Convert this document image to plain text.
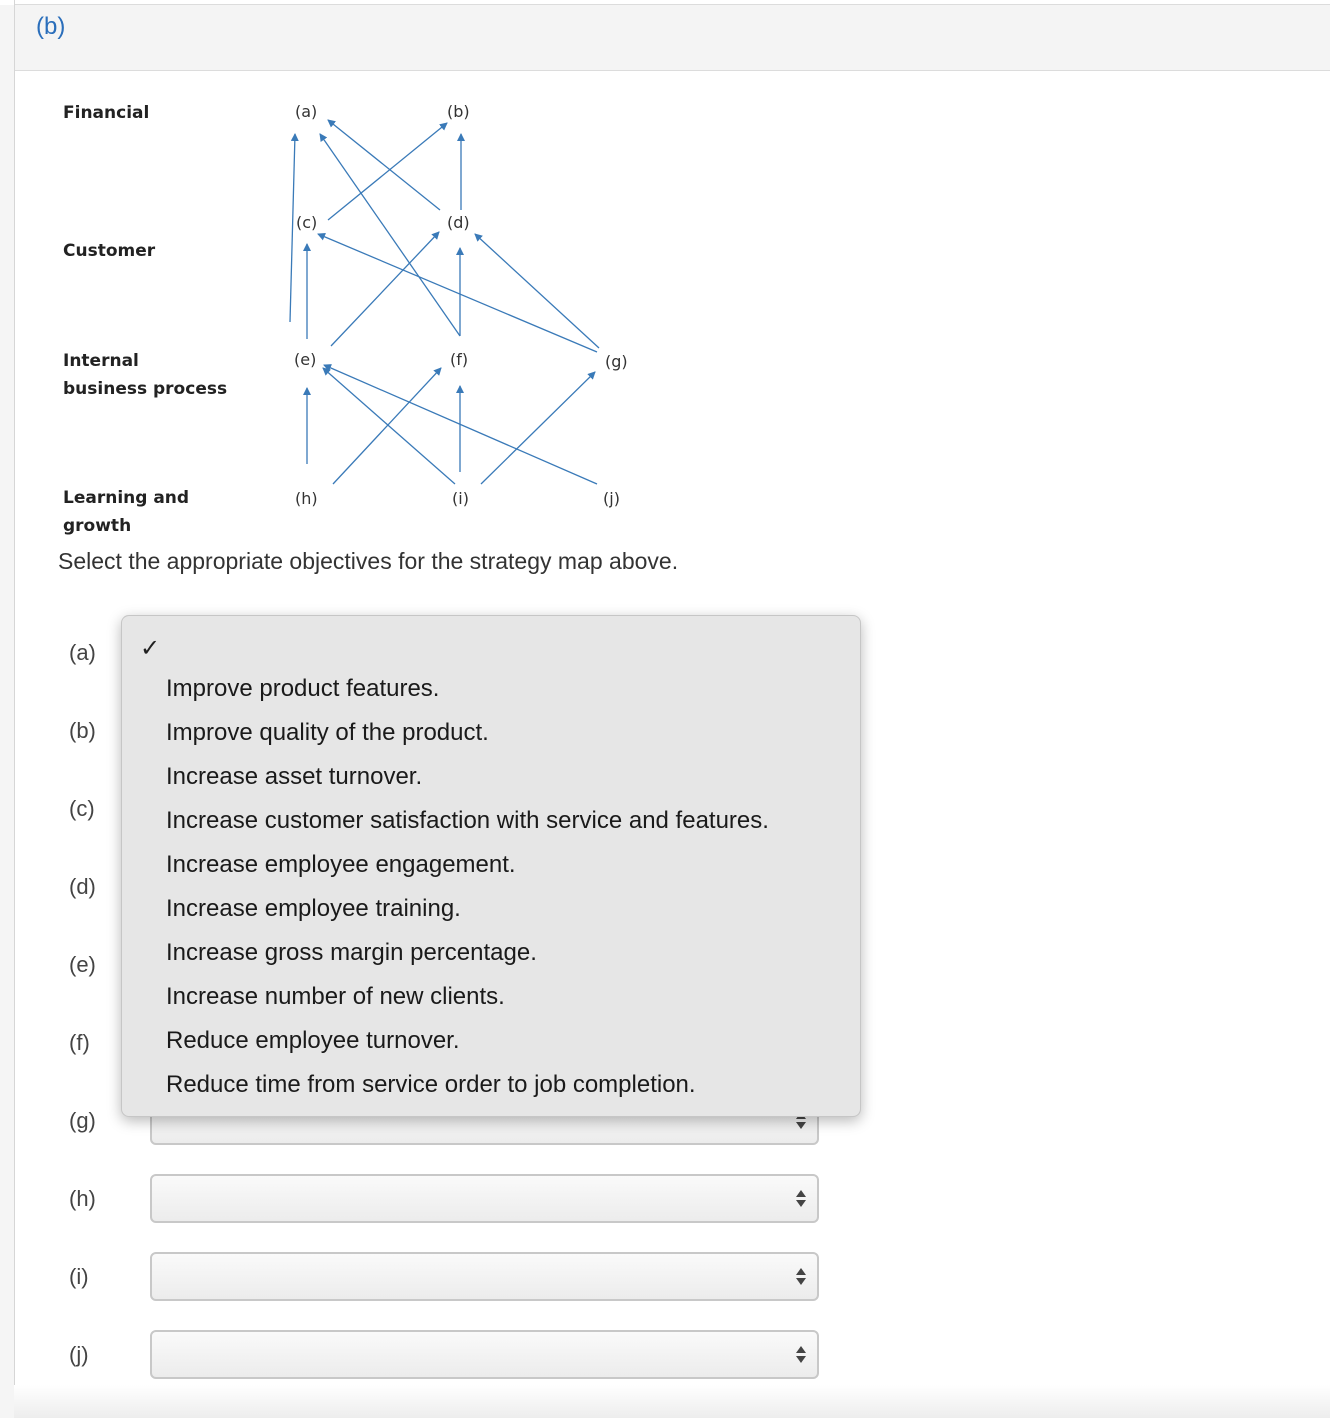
(b)
Financial
Customer
Internal
business process
Learning and
growth
(a)	(b)
(c)	(d)
(e)	(f)	(g)
(h)	(i)	(j)
Select the appropriate objectives for the strategy map above.
(a)
(b)
(c)
(d)
(e)
(f)
(g)
(h)
(i)
(j)
✓
Improve product features.
Improve quality of the product.
Increase asset turnover.
Increase customer satisfaction with service and features.
Increase employee engagement.
Increase employee training.
Increase gross margin percentage.
Increase number of new clients.
Reduce employee turnover.
Reduce time from service order to job completion.
